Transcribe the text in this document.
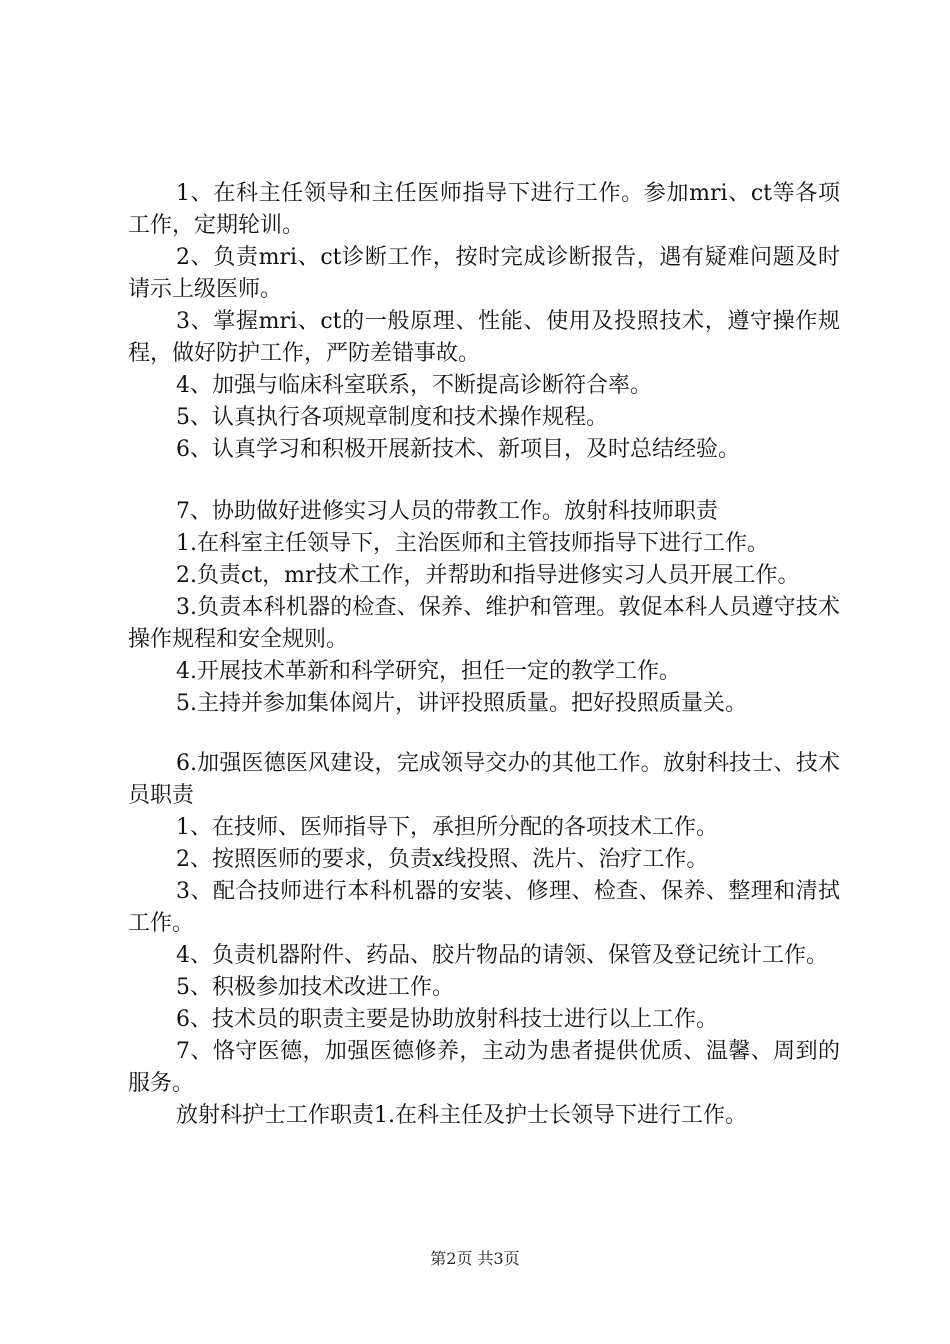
1、在科主任领导和主任医师指导下进行工作。参加mri、ct等各项工作，定期轮训。

2、负责mri、ct诊断工作，按时完成诊断报告，遇有疑难问题及时请示上级医师。

3、掌握mri、ct的一般原理、性能、使用及投照技术，遵守操作规程，做好防护工作，严防差错事故。

4、加强与临床科室联系，不断提高诊断符合率。

5、认真执行各项规章制度和技术操作规程。

6、认真学习和积极开展新技术、新项目，及时总结经验。

7、协助做好进修实习人员的带教工作。放射科技师职责

1.在科室主任领导下，主治医师和主管技师指导下进行工作。

2.负责ct，mr技术工作，并帮助和指导进修实习人员开展工作。

3.负责本科机器的检查、保养、维护和管理。敦促本科人员遵守技术操作规程和安全规则。

4.开展技术革新和科学研究，担任一定的教学工作。

5.主持并参加集体阅片，讲评投照质量。把好投照质量关。

6.加强医德医风建设，完成领导交办的其他工作。放射科技士、技术员职责

1、在技师、医师指导下，承担所分配的各项技术工作。

2、按照医师的要求，负责x线投照、洗片、治疗工作。

3、配合技师进行本科机器的安装、修理、检查、保养、整理和清拭工作。

4、负责机器附件、药品、胶片物品的请领、保管及登记统计工作。

5、积极参加技术改进工作。

6、技术员的职责主要是协助放射科技士进行以上工作。

7、恪守医德，加强医德修养，主动为患者提供优质、温馨、周到的服务。

放射科护士工作职责1.在科主任及护士长领导下进行工作。

第2页 共3页
